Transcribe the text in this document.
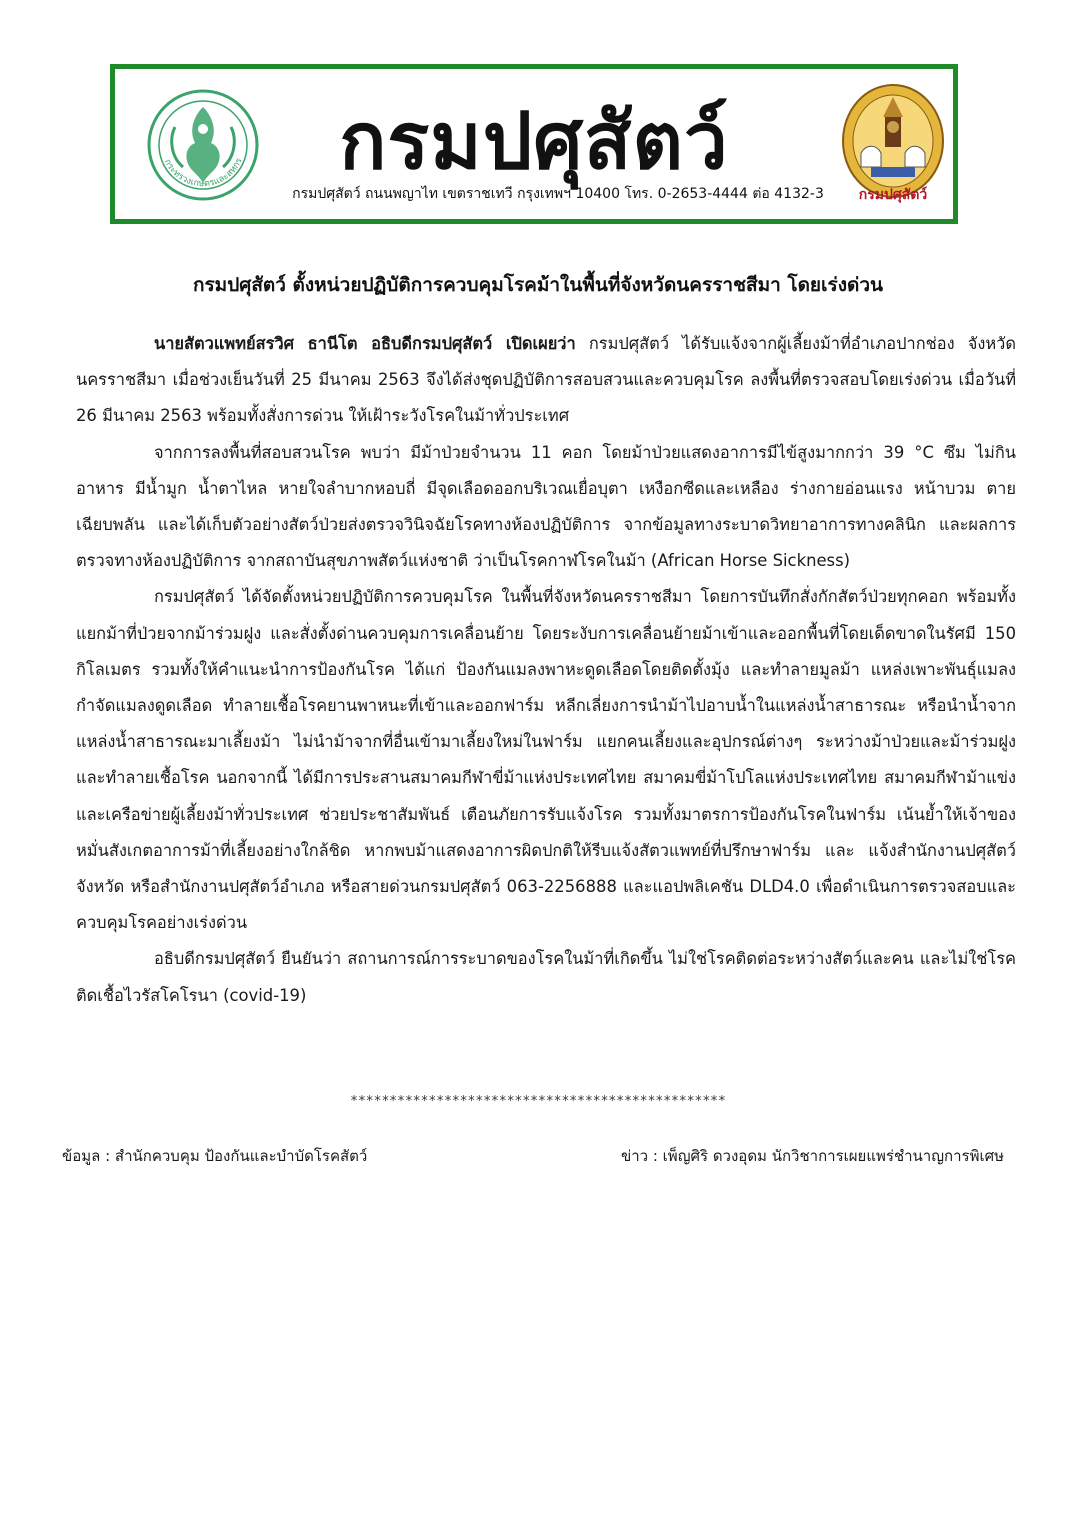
กระทรวงเกษตรและสหกร	กรมปศุสัตว์
กรมปศุสัตว์ ถนนพญาไท เขตราชเทวี กรุงเทพฯ 10400 โทร. 0-2653-4444 ต่อ 4132-3	กรมปศุสัตว์
กรมปศุสัตว์ ตั้งหน่วยปฏิบัติการควบคุมโรคม้าในพื้นที่จังหวัดนครราชสีมา โดยเร่งด่วน

นายสัตวแพทย์สรวิศ ธานีโต อธิบดีกรมปศุสัตว์ เปิดเผยว่า กรมปศุสัตว์ ได้รับแจ้งจากผู้เลี้ยงม้าที่อำเภอปากช่อง จังหวัดนครราชสีมา เมื่อช่วงเย็นวันที่ 25 มีนาคม 2563 จึงได้ส่งชุดปฏิบัติการสอบสวนและควบคุมโรค ลงพื้นที่ตรวจสอบโดยเร่งด่วน เมื่อวันที่ 26 มีนาคม 2563 พร้อมทั้งสั่งการด่วน ให้เฝ้าระวังโรคในม้าทั่วประเทศ

จากการลงพื้นที่สอบสวนโรค พบว่า มีม้าป่วยจำนวน 11 คอก โดยม้าป่วยแสดงอาการมีไข้สูงมากกว่า 39 °C ซึม ไม่กินอาหาร มีน้ำมูก น้ำตาไหล หายใจลำบากหอบถี่ มีจุดเลือดออกบริเวณเยื่อบุตา เหงือกซีดและเหลือง ร่างกายอ่อนแรง หน้าบวม ตายเฉียบพลัน และได้เก็บตัวอย่างสัตว์ป่วยส่งตรวจวินิจฉัยโรคทางห้องปฏิบัติการ จากข้อมูลทางระบาดวิทยาอาการทางคลินิก และผลการตรวจทางห้องปฏิบัติการ จากสถาบันสุขภาพสัตว์แห่งชาติ ว่าเป็นโรคกาฬโรคในม้า (African Horse Sickness)

กรมปศุสัตว์ ได้จัดตั้งหน่วยปฏิบัติการควบคุมโรค ในพื้นที่จังหวัดนครราชสีมา โดยการบันทึกสั่งกักสัตว์ป่วยทุกคอก พร้อมทั้งแยกม้าที่ป่วยจากม้าร่วมฝูง และสั่งตั้งด่านควบคุมการเคลื่อนย้าย โดยระงับการเคลื่อนย้ายม้าเข้าและออกพื้นที่โดยเด็ดขาดในรัศมี 150 กิโลเมตร รวมทั้งให้คำแนะนำการป้องกันโรค ได้แก่ ป้องกันแมลงพาหะดูดเลือดโดยติดตั้งมุ้ง และทำลายมูลม้า แหล่งเพาะพันธุ์แมลง กำจัดแมลงดูดเลือด ทำลายเชื้อโรคยานพาหนะที่เข้าและออกฟาร์ม หลีกเลี่ยงการนำม้าไปอาบน้ำในแหล่งน้ำสาธารณะ หรือนำน้ำจากแหล่งน้ำสาธารณะมาเลี้ยงม้า ไม่นำม้าจากที่อื่นเข้ามาเลี้ยงใหม่ในฟาร์ม แยกคนเลี้ยงและอุปกรณ์ต่างๆ ระหว่างม้าป่วยและม้าร่วมฝูง และทำลายเชื้อโรค นอกจากนี้ ได้มีการประสานสมาคมกีฬาขี่ม้าแห่งประเทศไทย สมาคมขี่ม้าโปโลแห่งประเทศไทย สมาคมกีฬาม้าแข่ง และเครือข่ายผู้เลี้ยงม้าทั่วประเทศ ช่วยประชาสัมพันธ์ เตือนภัยการรับแจ้งโรค รวมทั้งมาตรการป้องกันโรคในฟาร์ม เน้นย้ำให้เจ้าของ หมั่นสังเกตอาการม้าที่เลี้ยงอย่างใกล้ชิด หากพบม้าแสดงอาการผิดปกติให้รีบแจ้งสัตวแพทย์ที่ปรึกษาฟาร์ม และ แจ้งสำนักงานปศุสัตว์จังหวัด หรือสำนักงานปศุสัตว์อำเภอ หรือสายด่วนกรมปศุสัตว์ 063-2256888 และแอปพลิเคชัน DLD4.0 เพื่อดำเนินการตรวจสอบและควบคุมโรคอย่างเร่งด่วน

อธิบดีกรมปศุสัตว์ ยืนยันว่า สถานการณ์การระบาดของโรคในม้าที่เกิดขึ้น ไม่ใช่โรคติดต่อระหว่างสัตว์และคน และไม่ใช่โรคติดเชื้อไวรัสโคโรนา (covid-19)

************************************************
ข้อมูล : สำนักควบคุม ป้องกันและบำบัดโรคสัตว์	ข่าว : เพ็ญศิริ ดวงอุดม นักวิชาการเผยแพร่ชำนาญการพิเศษ
